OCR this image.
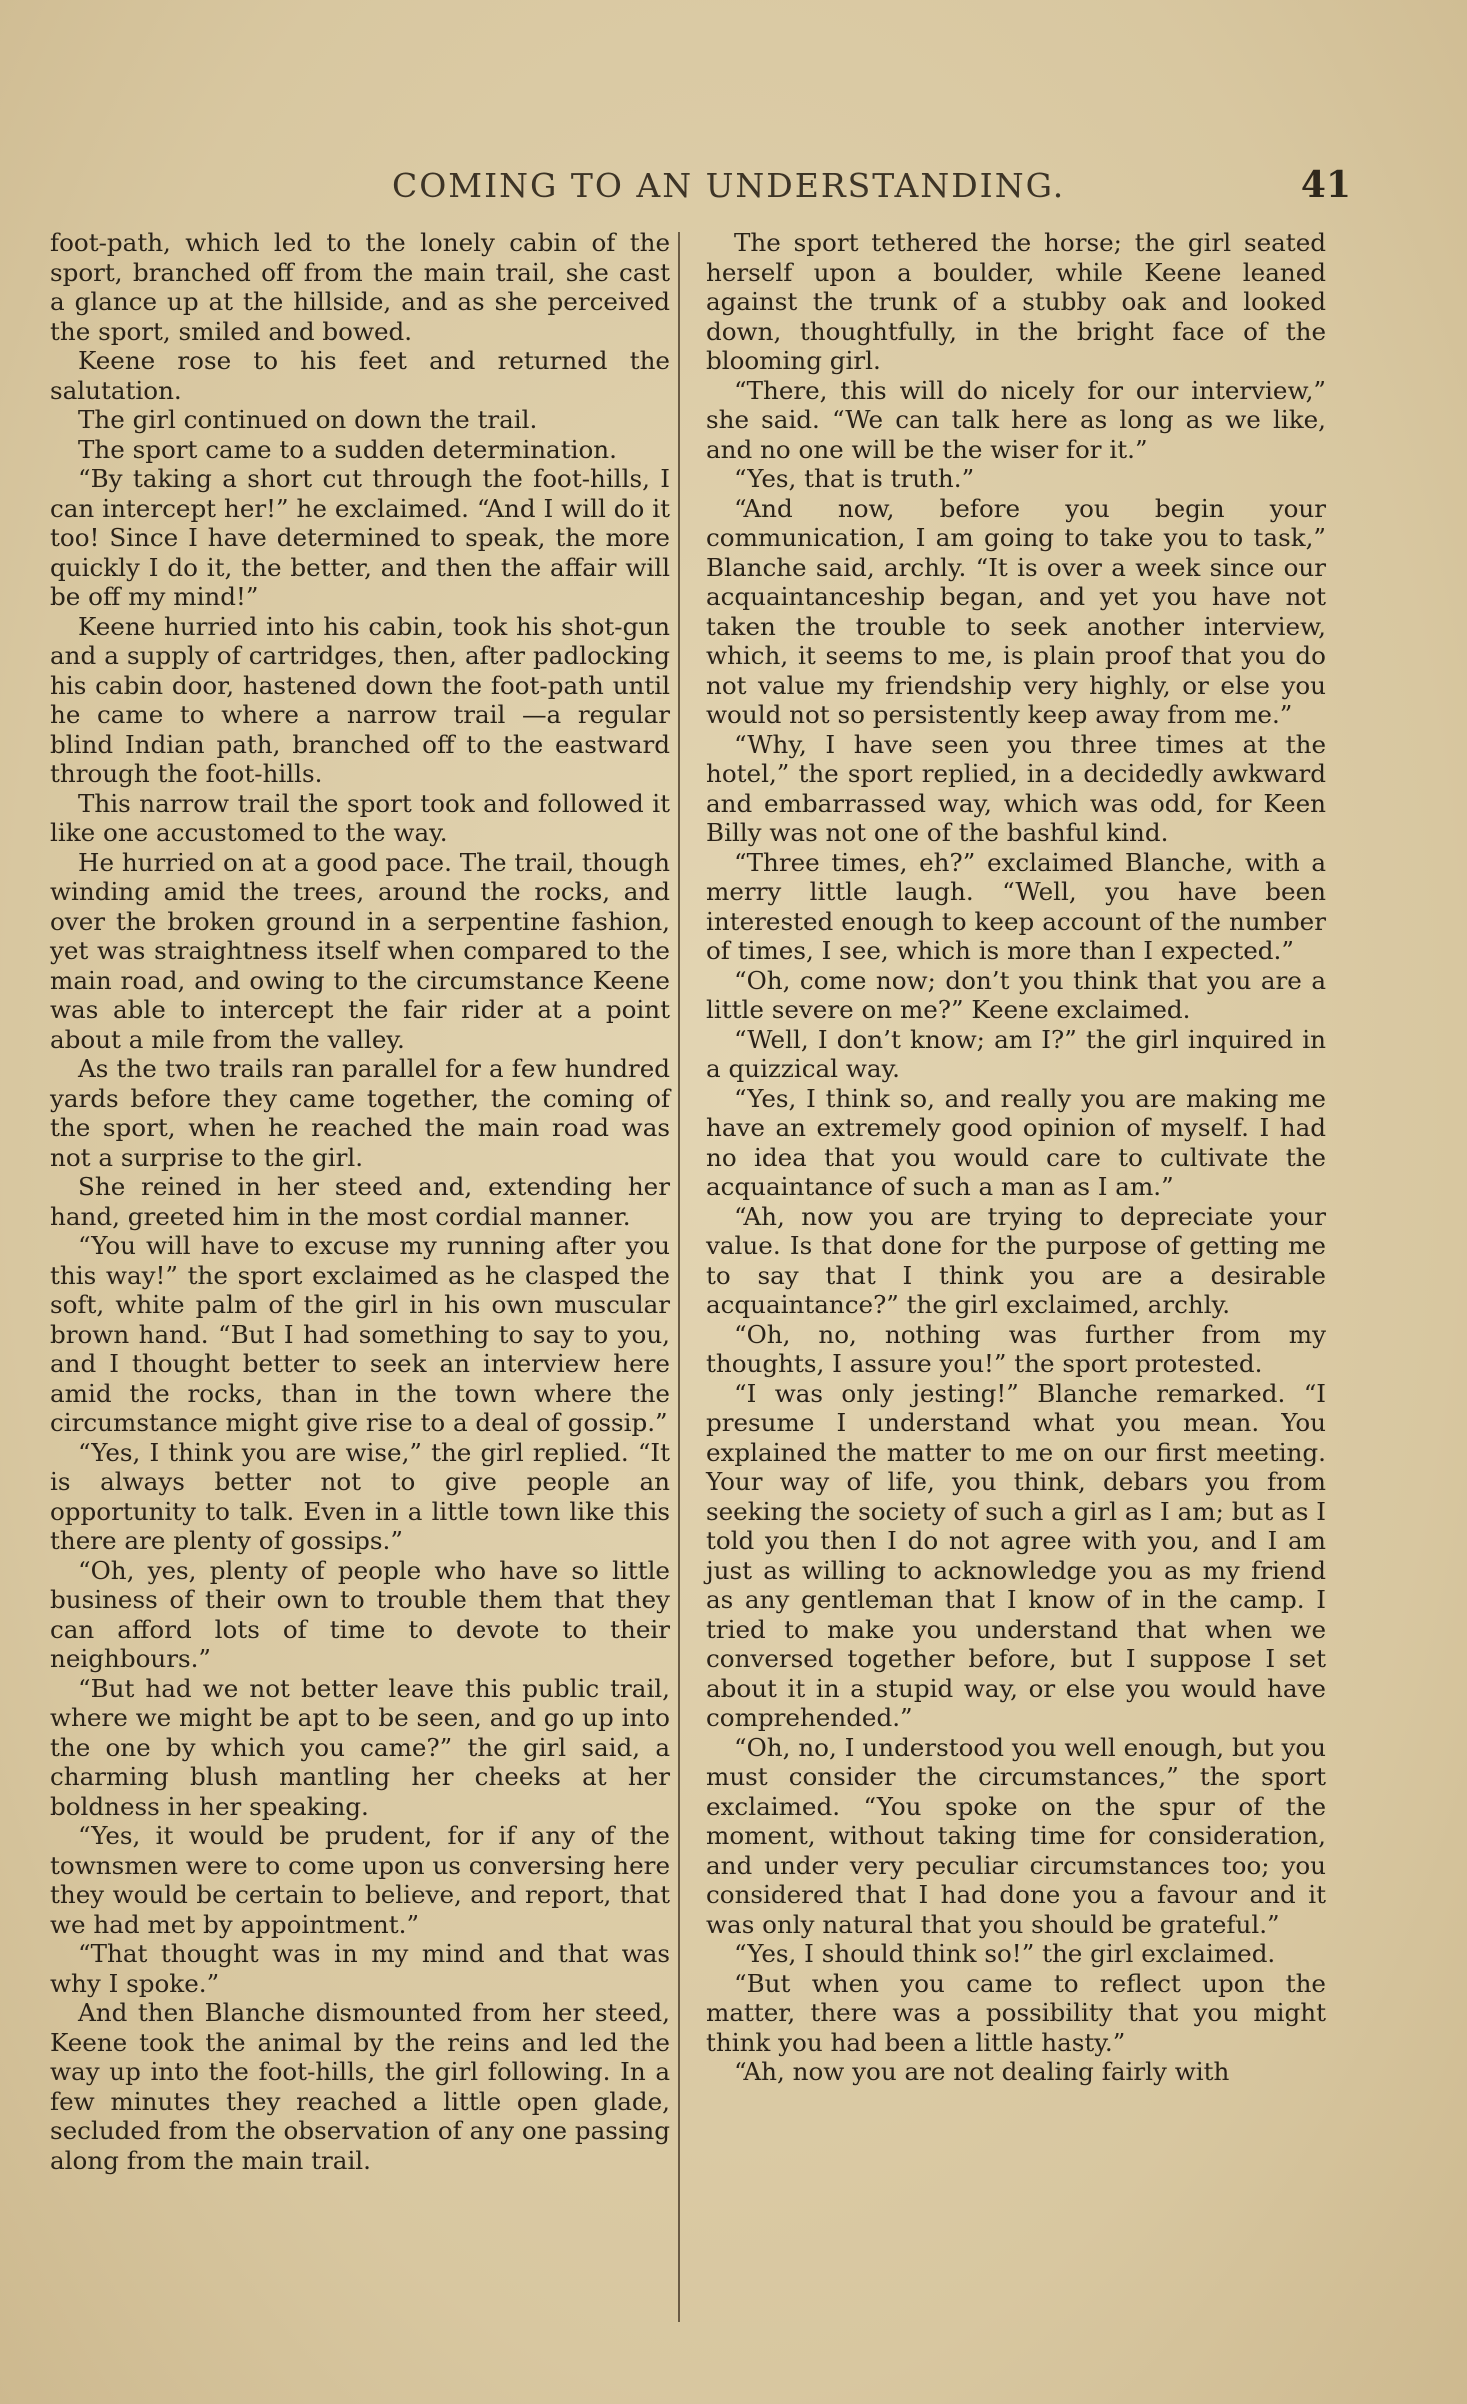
COMING TO AN UNDERSTANDING.	41

foot-path, which led to the lonely cabin of the sport, branched off from the main trail, she cast a glance up at the hillside, and as she perceived the sport, smiled and bowed.

Keene rose to his feet and returned the salutation.

The girl continued on down the trail.

The sport came to a sudden determination.

“By taking a short cut through the foot-hills, I can intercept her!” he exclaimed. “And I will do it too! Since I have determined to speak, the more quickly I do it, the better, and then the affair will be off my mind!”

Keene hurried into his cabin, took his shot-gun and a supply of cartridges, then, after padlocking his cabin door, hastened down the foot-path until he came to where a narrow trail —a regular blind Indian path, branched off to the eastward through the foot-hills.

This narrow trail the sport took and followed it like one accustomed to the way.

He hurried on at a good pace. The trail, though winding amid the trees, around the rocks, and over the broken ground in a serpentine fashion, yet was straightness itself when compared to the main road, and owing to the circumstance Keene was able to intercept the fair rider at a point about a mile from the valley.

As the two trails ran parallel for a few hundred yards before they came together, the coming of the sport, when he reached the main road was not a surprise to the girl.

She reined in her steed and, extending her hand, greeted him in the most cordial manner.

“You will have to excuse my running after you this way!” the sport exclaimed as he clasped the soft, white palm of the girl in his own muscular brown hand. “But I had something to say to you, and I thought better to seek an interview here amid the rocks, than in the town where the circumstance might give rise to a deal of gossip.”

“Yes, I think you are wise,” the girl replied. “It is always better not to give people an opportunity to talk. Even in a little town like this there are plenty of gossips.”

“Oh, yes, plenty of people who have so little business of their own to trouble them that they can afford lots of time to devote to their neighbours.”

“But had we not better leave this public trail, where we might be apt to be seen, and go up into the one by which you came?” the girl said, a charming blush mantling her cheeks at her boldness in her speaking.

“Yes, it would be prudent, for if any of the townsmen were to come upon us conversing here they would be certain to believe, and report, that we had met by appointment.”

“That thought was in my mind and that was why I spoke.”

And then Blanche dismounted from her steed, Keene took the animal by the reins and led the way up into the foot-hills, the girl following. In a few minutes they reached a little open glade, secluded from the observation of any one passing along from the main trail.

The sport tethered the horse; the girl seated herself upon a boulder, while Keene leaned against the trunk of a stubby oak and looked down, thoughtfully, in the bright face of the blooming girl.

“There, this will do nicely for our interview,” she said. “We can talk here as long as we like, and no one will be the wiser for it.”

“Yes, that is truth.”

“And now, before you begin your communication, I am going to take you to task,” Blanche said, archly. “It is over a week since our acquaintanceship began, and yet you have not taken the trouble to seek another interview, which, it seems to me, is plain proof that you do not value my friendship very highly, or else you would not so persistently keep away from me.”

“Why, I have seen you three times at the hotel,” the sport replied, in a decidedly awkward and embarrassed way, which was odd, for Keen Billy was not one of the bashful kind.

“Three times, eh?” exclaimed Blanche, with a merry little laugh. “Well, you have been interested enough to keep account of the number of times, I see, which is more than I expected.”

“Oh, come now; don’t you think that you are a little severe on me?” Keene exclaimed.

“Well, I don’t know; am I?” the girl inquired in a quizzical way.

“Yes, I think so, and really you are making me have an extremely good opinion of myself. I had no idea that you would care to cultivate the acquaintance of such a man as I am.”

“Ah, now you are trying to depreciate your value. Is that done for the purpose of getting me to say that I think you are a desirable acquaintance?” the girl exclaimed, archly.

“Oh, no, nothing was further from my thoughts, I assure you!” the sport protested.

“I was only jesting!” Blanche remarked. “I presume I understand what you mean. You explained the matter to me on our first meeting. Your way of life, you think, debars you from seeking the society of such a girl as I am; but as I told you then I do not agree with you, and I am just as willing to acknowledge you as my friend as any gentleman that I know of in the camp. I tried to make you understand that when we conversed together before, but I suppose I set about it in a stupid way, or else you would have comprehended.”

“Oh, no, I understood you well enough, but you must consider the circumstances,” the sport exclaimed. “You spoke on the spur of the moment, without taking time for consideration, and under very peculiar circumstances too; you considered that I had done you a favour and it was only natural that you should be grateful.”

“Yes, I should think so!” the girl exclaimed.

“But when you came to reflect upon the matter, there was a possibility that you might think you had been a little hasty.”

“Ah, now you are not dealing fairly with
